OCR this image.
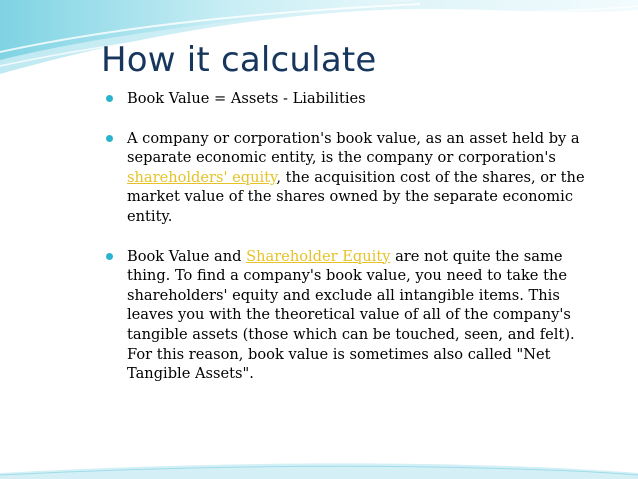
How it calculate
Book Value = Assets - Liabilities
A company or corporation's book value, as an asset held by a separate economic entity, is the company or corporation's shareholders' equity, the acquisition cost of the shares, or the market value of the shares owned by the separate economic entity.
Book Value and Shareholder Equity are not quite the same thing. To find a company's book value, you need to take the shareholders' equity and exclude all intangible items. This leaves you with the theoretical value of all of the company's tangible assets (those which can be touched, seen, and felt). For this reason, book value is sometimes also called "Net Tangible Assets".
